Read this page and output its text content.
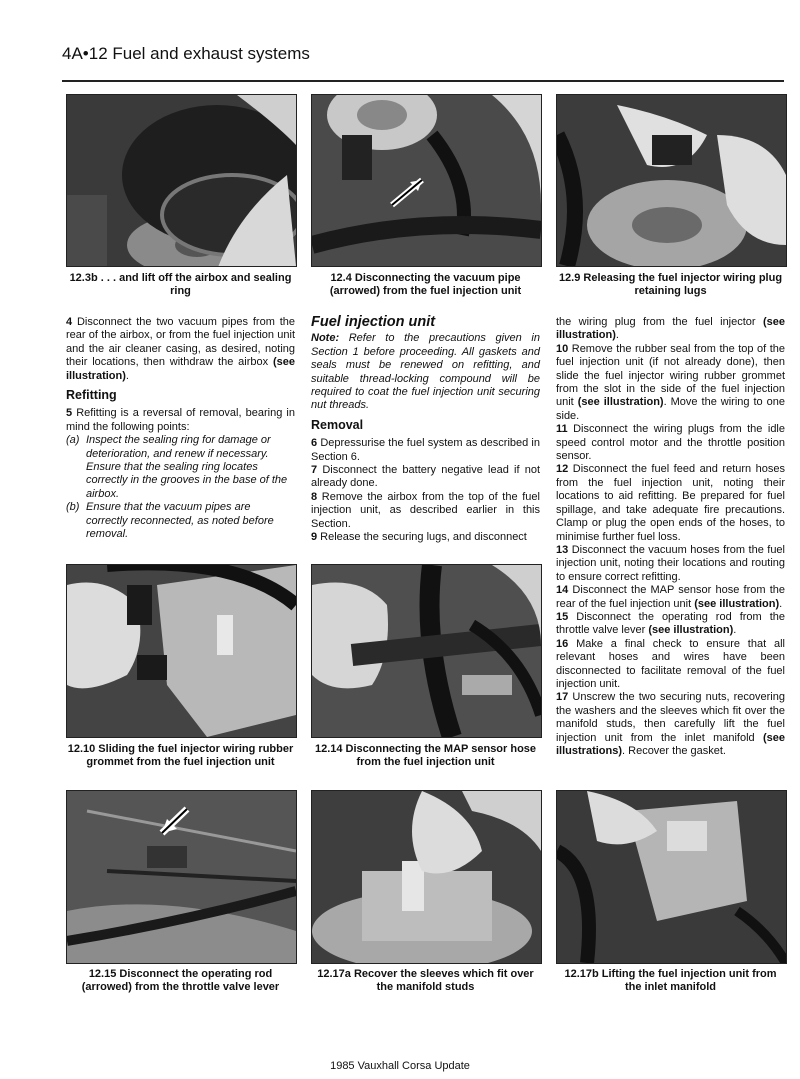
4A•12 Fuel and exhaust systems
12.3b . . . and lift off the airbox and sealing ring
12.4 Disconnecting the vacuum pipe (arrowed) from the fuel injection unit
12.9 Releasing the fuel injector wiring plug retaining lugs

4 Disconnect the two vacuum pipes from the rear of the airbox, or from the fuel injection unit and the air cleaner casing, as desired, noting their locations, then withdraw the airbox (see illustration).

Refitting

5 Refitting is a reversal of removal, bearing in mind the following points:

(a) Inspect the sealing ring for damage or deterioration, and renew if necessary. Ensure that the sealing ring locates correctly in the grooves in the base of the airbox.
(b) Ensure that the vacuum pipes are correctly reconnected, as noted before removal.

Fuel injection unit

Note: Refer to the precautions given in Section 1 before proceeding. All gaskets and seals must be renewed on refitting, and suitable thread-locking compound will be required to coat the fuel injection unit securing nut threads.

Removal

6 Depressurise the fuel system as described in Section 6.

7 Disconnect the battery negative lead if not already done.

8 Remove the airbox from the top of the fuel injection unit, as described earlier in this Section.

9 Release the securing lugs, and disconnect

the wiring plug from the fuel injector (see illustration).

10 Remove the rubber seal from the top of the fuel injection unit (if not already done), then slide the fuel injector wiring rubber grommet from the slot in the side of the fuel injection unit (see illustration). Move the wiring to one side.

11 Disconnect the wiring plugs from the idle speed control motor and the throttle position sensor.

12 Disconnect the fuel feed and return hoses from the fuel injection unit, noting their locations to aid refitting. Be prepared for fuel spillage, and take adequate fire precautions. Clamp or plug the open ends of the hoses, to minimise further fuel loss.

13 Disconnect the vacuum hoses from the fuel injection unit, noting their locations and routing to ensure correct refitting.

14 Disconnect the MAP sensor hose from the rear of the fuel injection unit (see illustration).

15 Disconnect the operating rod from the throttle valve lever (see illustration).

16 Make a final check to ensure that all relevant hoses and wires have been disconnected to facilitate removal of the fuel injection unit.

17 Unscrew the two securing nuts, recovering the washers and the sleeves which fit over the manifold studs, then carefully lift the fuel injection unit from the inlet manifold (see illustrations). Recover the gasket.

12.10 Sliding the fuel injector wiring rubber grommet from the fuel injection unit
12.14 Disconnecting the MAP sensor hose from the fuel injection unit
12.15 Disconnect the operating rod (arrowed) from the throttle valve lever
12.17a Recover the sleeves which fit over the manifold studs
12.17b Lifting the fuel injection unit from the inlet manifold
1985 Vauxhall Corsa Update
